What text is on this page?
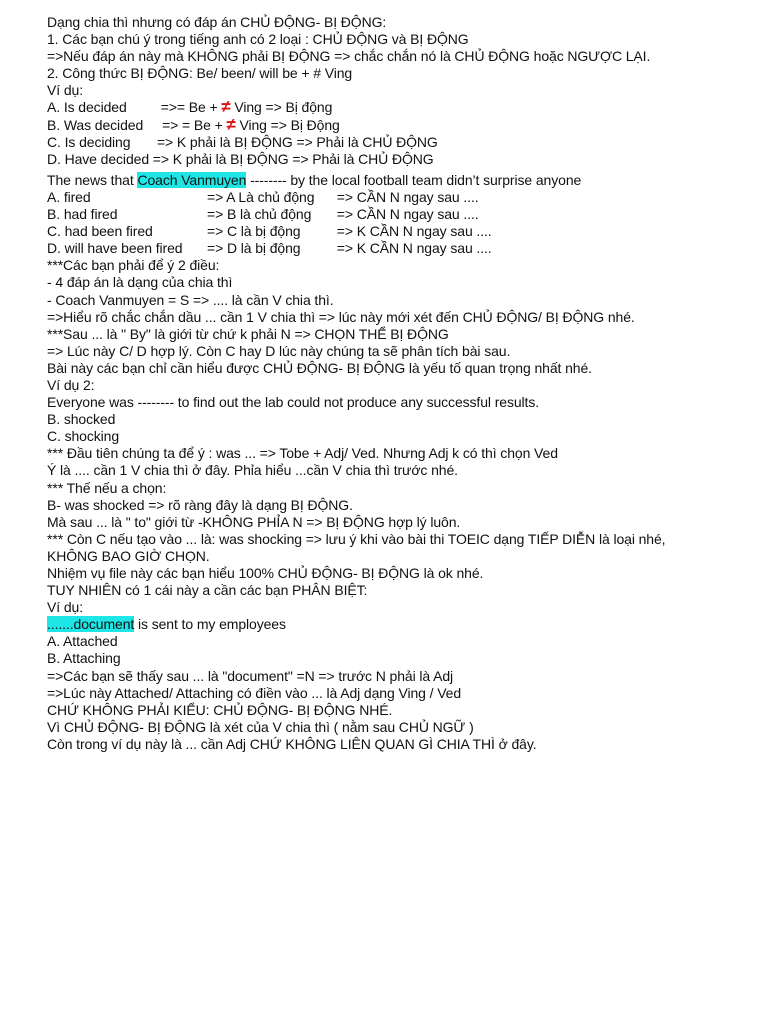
Dạng chia thì nhưng có đáp án CHỦ ĐỘNG- BỊ ĐỘNG:
1. Các bạn chú ý trong tiếng anh có 2 loại : CHỦ ĐỘNG và BỊ ĐỘNG
=>Nếu đáp án này mà KHÔNG phải BỊ ĐỘNG => chắc chắn nó là CHỦ ĐỘNG hoặc NGƯỢC LẠI.
2. Công thức BỊ ĐỘNG: Be/ been/ will be + # Ving
Ví dụ:
A. Is decided         =>= Be + ≠ Ving => Bị động
B. Was decided     => = Be + ≠ Ving => Bị Động
C. Is deciding       => K phải là BỊ ĐỘNG => Phải là CHỦ ĐỘNG
D. Have decided => K phải là BỊ ĐỘNG => Phải là CHỦ ĐỘNG
The news that Coach Vanmuyen -------- by the local football team didn’t surprise anyone
A. fired	=> A Là chủ động => CẦN N ngay sau ....
B. had fired	=> B là chủ động => CẦN N ngay sau ....
C. had been fired	=> C là bị động => K CẦN N ngay sau ....
D. will have been fired => D là bị động => K CẦN N ngay sau ....
***Các bạn phải để ý 2 điều:
- 4 đáp án là dạng của chia thì
- Coach Vanmuyen = S => .... là cần V chia thì.
=>Hiểu rõ chắc chắn dầu ... cần 1 V chia thì => lúc này mới xét đến CHỦ ĐỘNG/ BỊ ĐỘNG nhé.
***Sau ... là " By" là giới từ chứ k phải N => CHỌN THỂ BỊ ĐỘNG
=> Lúc này C/ D hợp lý. Còn C hay D lúc này chúng ta sẽ phân tích bài sau.
Bài này các bạn chỉ cần hiểu được CHỦ ĐỘNG- BỊ ĐỘNG là yếu tố quan trọng nhất nhé.
Ví dụ 2:
Everyone was -------- to find out the lab could not produce any successful results.
B. shocked
C. shocking
*** Đầu tiên chúng ta để ý : was ... => Tobe + Adj/ Ved. Nhưng Adj k có thì chọn Ved
Ý là .... cần 1 V chia thì ở đây. Phỉa hiểu ...cần V chia thì trước nhé.
*** Thế nếu a chọn:
B- was shocked => rõ ràng đây là dạng BỊ ĐỘNG.
Mà sau ... là " to" giới từ -KHÔNG PHỈA N => BỊ ĐỘNG hợp lý luôn.
*** Còn C nếu tạo vào ... là: was shocking => lưu ý khi vào bài thi TOEIC dạng TIẾP DIỄN là loại nhé,
KHÔNG BAO GIỜ CHỌN.
Nhiệm vụ file này các bạn hiểu 100% CHỦ ĐỘNG- BỊ ĐỘNG là ok nhé.
TUY NHIÊN có 1 cái này a cần các bạn PHÂN BIỆT:
Ví dụ:
.......document is sent to my employees
A. Attached
B. Attaching
=>Các bạn sẽ thấy sau ... là "document" =N => trước N phải là Adj
=>Lúc này Attached/ Attaching có điền vào ... là Adj dạng Ving / Ved
CHỨ KHÔNG PHẢI KIỂU: CHỦ ĐỘNG- BỊ ĐỘNG NHÉ.
Vì CHỦ ĐỘNG- BỊ ĐỘNG là xét của V chia thì ( nằm sau CHỦ NGỮ )
Còn trong ví dụ này là ... cần Adj CHỨ KHÔNG LIÊN QUAN GÌ CHIA THÌ ở đây.
